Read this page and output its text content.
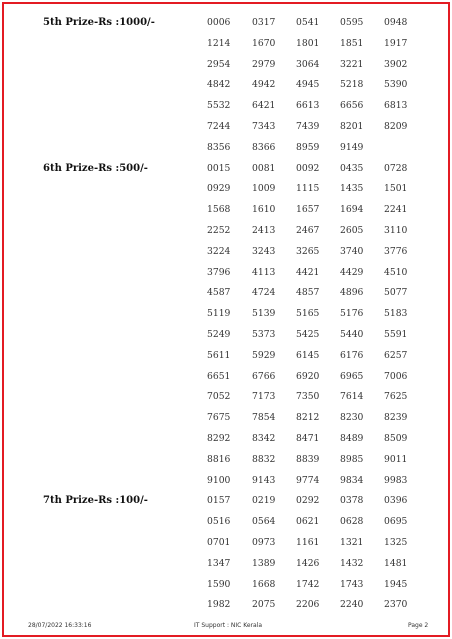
5th Prize-Rs :1000/-	0006 0317 0541 0595 0948
1214 1670 1801 1851 1917
2954 2979 3064 3221 3902
4842 4942 4945 5218 5390
5532 6421 6613 6656 6813
7244 7343 7439 8201 8209
8356 8366 8959 9149
6th Prize-Rs :500/-	0015 0081 0092 0435 0728
0929 1009 1115 1435 1501
1568 1610 1657 1694 2241
2252 2413 2467 2605 3110
3224 3243 3265 3740 3776
3796 4113 4421 4429 4510
4587 4724 4857 4896 5077
5119 5139 5165 5176 5183
5249 5373 5425 5440 5591
5611 5929 6145 6176 6257
6651 6766 6920 6965 7006
7052 7173 7350 7614 7625
7675 7854 8212 8230 8239
8292 8342 8471 8489 8509
8816 8832 8839 8985 9011
9100 9143 9774 9834 9983
7th Prize-Rs :100/-	0157 0219 0292 0378 0396
0516 0564 0621 0628 0695
0701 0973 1161 1321 1325
1347 1389 1426 1432 1481
1590 1668 1742 1743 1945
1982 2075 2206 2240 2370
28/07/2022 16:33:16	IT Support : NIC Kerala	Page 2
